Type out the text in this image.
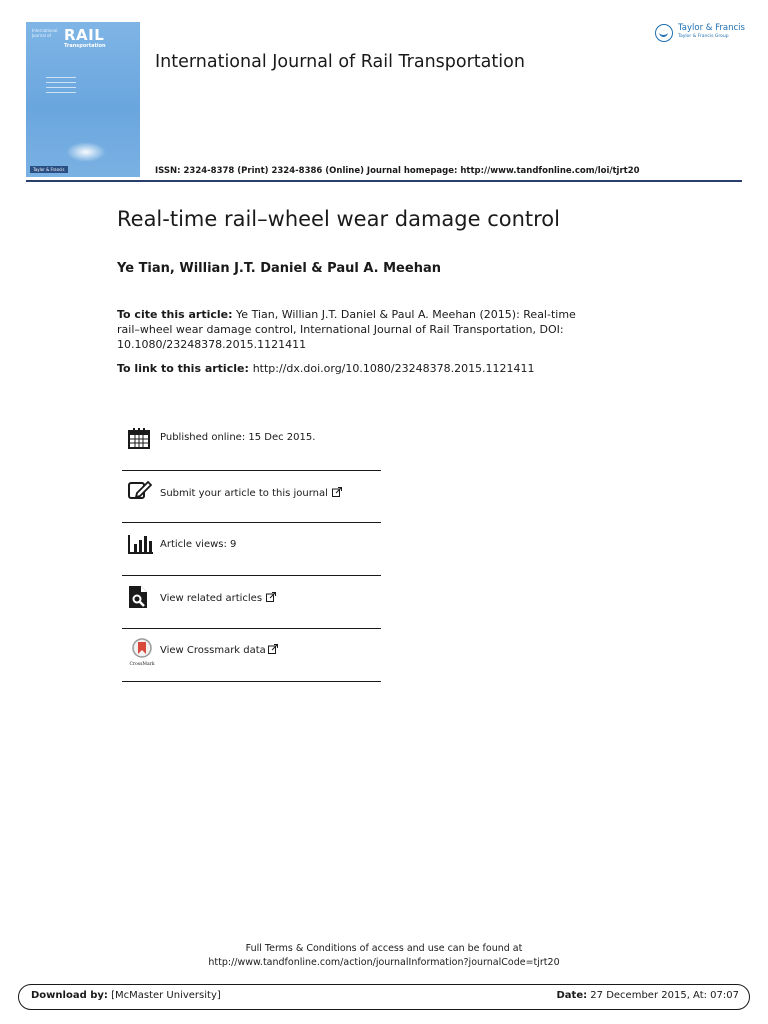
International Journal of RAIL
Transportation
Taylor & Francis
International Journal of Rail Transportation
Taylor & Francis
Taylor & Francis Group
ISSN: 2324-8378 (Print) 2324-8386 (Online) Journal homepage: http://www.tandfonline.com/loi/tjrt20
Real-time rail–wheel wear damage control
Ye Tian, Willian J.T. Daniel & Paul A. Meehan
To cite this article: Ye Tian, Willian J.T. Daniel & Paul A. Meehan (2015): Real-time rail–wheel wear damage control, International Journal of Rail Transportation, DOI: 10.1080/23248378.2015.1121411
To link to this article: http://dx.doi.org/10.1080/23248378.2015.1121411
Published online: 15 Dec 2015.
Submit your article to this journal
Article views: 9
View related articles
CrossMark
View Crossmark data
Full Terms & Conditions of access and use can be found at
http://www.tandfonline.com/action/journalInformation?journalCode=tjrt20
Download by: [McMaster University]	Date: 27 December 2015, At: 07:07
